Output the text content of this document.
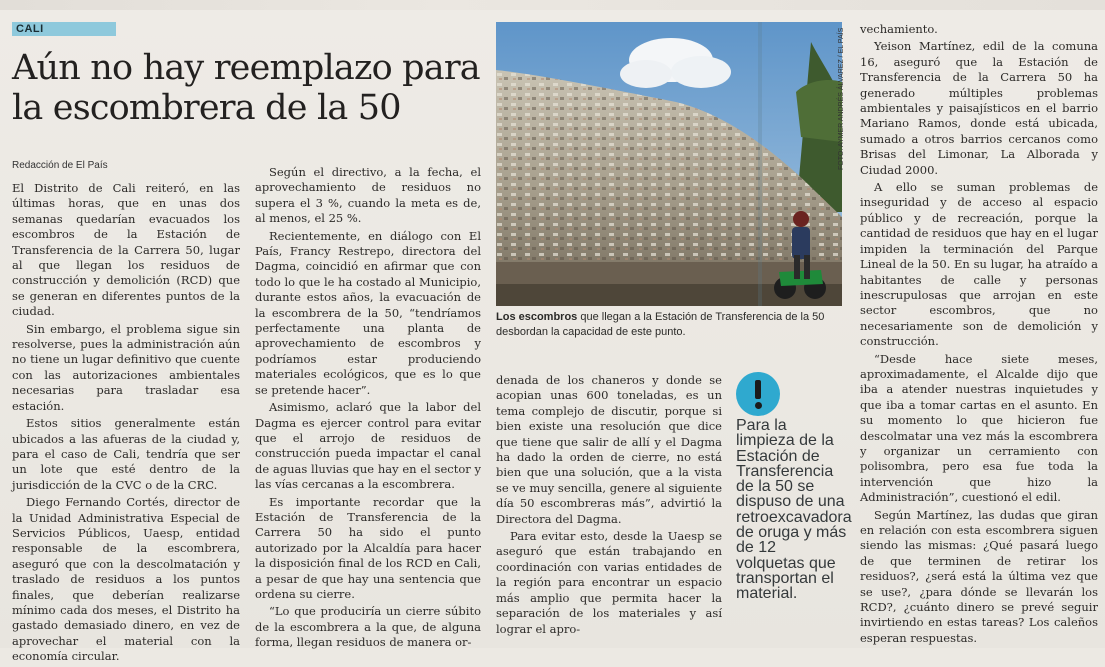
CALI
Aún no hay reemplazo para la escombrera de la 50
Redacción de El País

El Distrito de Cali reiteró, en las últimas horas, que en unas dos semanas quedarían evacuados los escombros de la Estación de Transferencia de la Carrera 50, lugar al que llegan los residuos de construcción y demolición (RCD) que se generan en diferentes puntos de la ciudad.

Sin embargo, el problema sigue sin resolverse, pues la administración aún no tiene un lugar definitivo que cuente con las autorizaciones ambientales necesarias para trasladar esa estación.

Estos sitios generalmente están ubicados a las afueras de la ciudad y, para el caso de Cali, tendría que ser un lote que esté dentro de la jurisdicción de la CVC o de la CRC.

Diego Fernando Cortés, director de la Unidad Administrativa Especial de Servicios Públicos, Uaesp, entidad responsable de la escombrera, aseguró que con la descolmatación y traslado de residuos a los puntos finales, que deberían realizarse mínimo cada dos meses, el Distrito ha gastado demasiado dinero, en vez de aprovechar el material con la economía circular.

Según el directivo, a la fecha, el aprovechamiento de residuos no supera el 3 %, cuando la meta es de, al menos, el 25 %.

Recientemente, en diálogo con El País, Francy Restrepo, directora del Dagma, coincidió en afirmar que con todo lo que le ha costado al Municipio, durante estos años, la evacuación de la escombrera de la 50, “tendríamos perfectamente una planta de aprovechamiento de escombros y podríamos estar produciendo materiales ecológicos, que es lo que se pretende hacer”.

Asimismo, aclaró que la labor del Dagma es ejercer control para evitar que el arrojo de residuos de construcción pueda impactar el canal de aguas lluvias que hay en el sector y las vías cercanas a la escombrera.

Es importante recordar que la Estación de Transferencia de la Carrera 50 ha sido el punto autorizado por la Alcaldía para hacer la disposición final de los RCD en Cali, a pesar de que hay una sentencia que ordena su cierre.

“Lo que produciría un cierre súbito de la escombrera a la que, de alguna forma, llegan residuos de manera or-

FOTO: AYMER ANDRÉS ÁLVAREZ / EL PAÍS
Los escombros que llegan a la Estación de Transferencia de la 50 desbordan la capacidad de este punto.

denada de los chaneros y donde se acopian unas 600 toneladas, es un tema complejo de discutir, porque si bien existe una resolución que dice que tiene que salir de allí y el Dagma ha dado la orden de cierre, no está bien que una solución, que a la vista se ve muy sencilla, genere al siguiente día 50 escombreras más”, advirtió la Directora del Dagma.

Para evitar esto, desde la Uaesp se aseguró que están trabajando en coordinación con varias entidades de la región para encontrar un espacio más amplio que permita hacer la separación de los materiales y así lograr el apro-

Para la limpieza de la Estación de Transferencia de la 50 se dispuso de una retroexcavadora de oruga y más de 12 volquetas que transportan el material.

vechamiento.

Yeison Martínez, edil de la comuna 16, aseguró que la Estación de Transferencia de la Carrera 50 ha generado múltiples problemas ambientales y paisajísticos en el barrio Mariano Ramos, donde está ubicada, sumado a otros barrios cercanos como Brisas del Limonar, La Alborada y Ciudad 2000.

A ello se suman problemas de inseguridad y de acceso al espacio público y de recreación, porque la cantidad de residuos que hay en el lugar impiden la terminación del Parque Lineal de la 50. En su lugar, ha atraído a habitantes de calle y personas inescrupulosas que arrojan en este sector escombros, que no necesariamente son de demolición y construcción.

“Desde hace siete meses, aproximadamente, el Alcalde dijo que iba a atender nuestras inquietudes y que iba a tomar cartas en el asunto. En su momento lo que hicieron fue descolmatar una vez más la escombrera y organizar un cerramiento con polisombra, pero esa fue toda la intervención que hizo la Administración”, cuestionó el edil.

Según Martínez, las dudas que giran en relación con esta escombrera siguen siendo las mismas: ¿Qué pasará luego de que terminen de retirar los residuos?, ¿será está la última vez que se use?, ¿para dónde se llevarán los RCD?, ¿cuánto dinero se prevé seguir invirtiendo en estas tareas? Los caleños esperan respuestas.
